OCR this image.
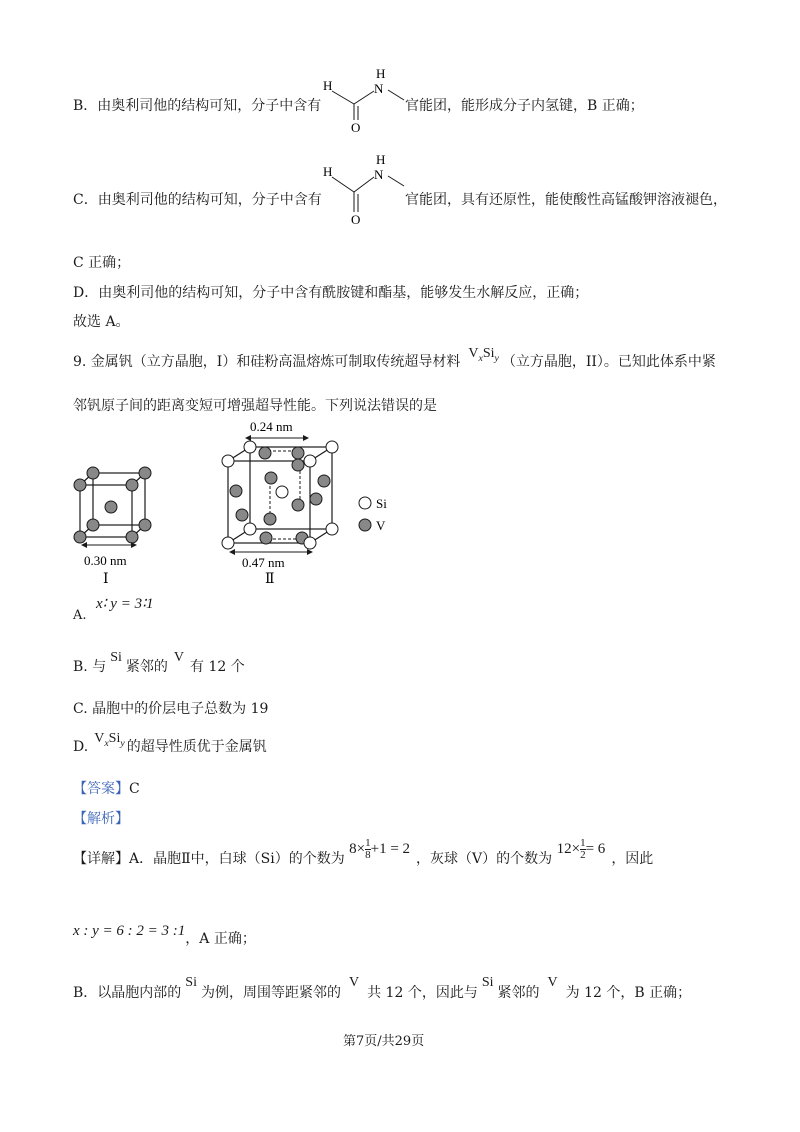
B．由奥利司他的结构可知，分子中含有
H
N
H
O
官能团，能形成分子内氢键，B 正确；
C．由奥利司他的结构可知，分子中含有
H
N
H
O
官能团，具有还原性，能使酸性高锰酸钾溶液褪色，
C 正确；
D．由奥利司他的结构可知，分子中含有酰胺键和酯基，能够发生水解反应，正确；
故选 A。
9. 金属钒（立方晶胞，I）和硅粉高温熔炼可制取传统超导材料$V_xSi_y$ （立方晶胞，II）。已知此体系中紧
邻钒原子间的距离变短可增强超导性能。下列说法错误的是
0.30 nm
Ⅰ
0.24 nm
0.47 nm
Ⅱ
Si
V
A.
x∶ y = 3∶1
B. 与Si紧邻的V有 12 个
C. 晶胞中的价层电子总数为 19
$D.V_xSi_y$ 的超导性质优于金属钒
【答案】C
【解析】
【详解】A．晶胞Ⅱ中，白球（Si）的个数为 $8\times \frac{1}{8} +1 = 2$，灰球（V）的个数为 $12\times \frac{1}{2} = 6$，因此
x : y = 6 : 2 = 3 :1，A 正确；
B．以晶胞内部的Si为例，周围等距紧邻的V共 12 个，因此与Si紧邻的V为 12 个，B 正确；
第7页/共29页
